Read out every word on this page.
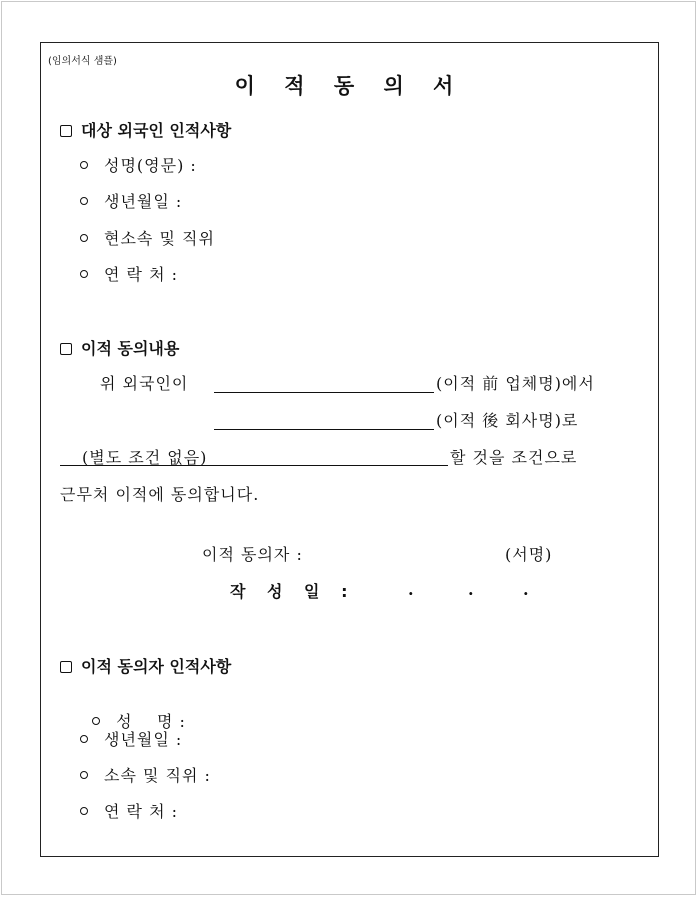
(임의서식 샘플)
이 적 동 의 서
대상 외국인 인적사항
성명(영문) :
생년월일 :
현소속 및 직위
연 락 처 :
이적 동의내용
위 외국인이	(이적 前 업체명)에서
(이적 後 회사명)로
(별도 조건 없음)	할 것을 조건으로
근무처 이적에 동의합니다.
이적 동의자 :	(서명)
작 성 일 :	.	.	.
이적 동의자 인적사항

성    명 :

생년월일 :
소속 및 직위 :
연 락 처 :
